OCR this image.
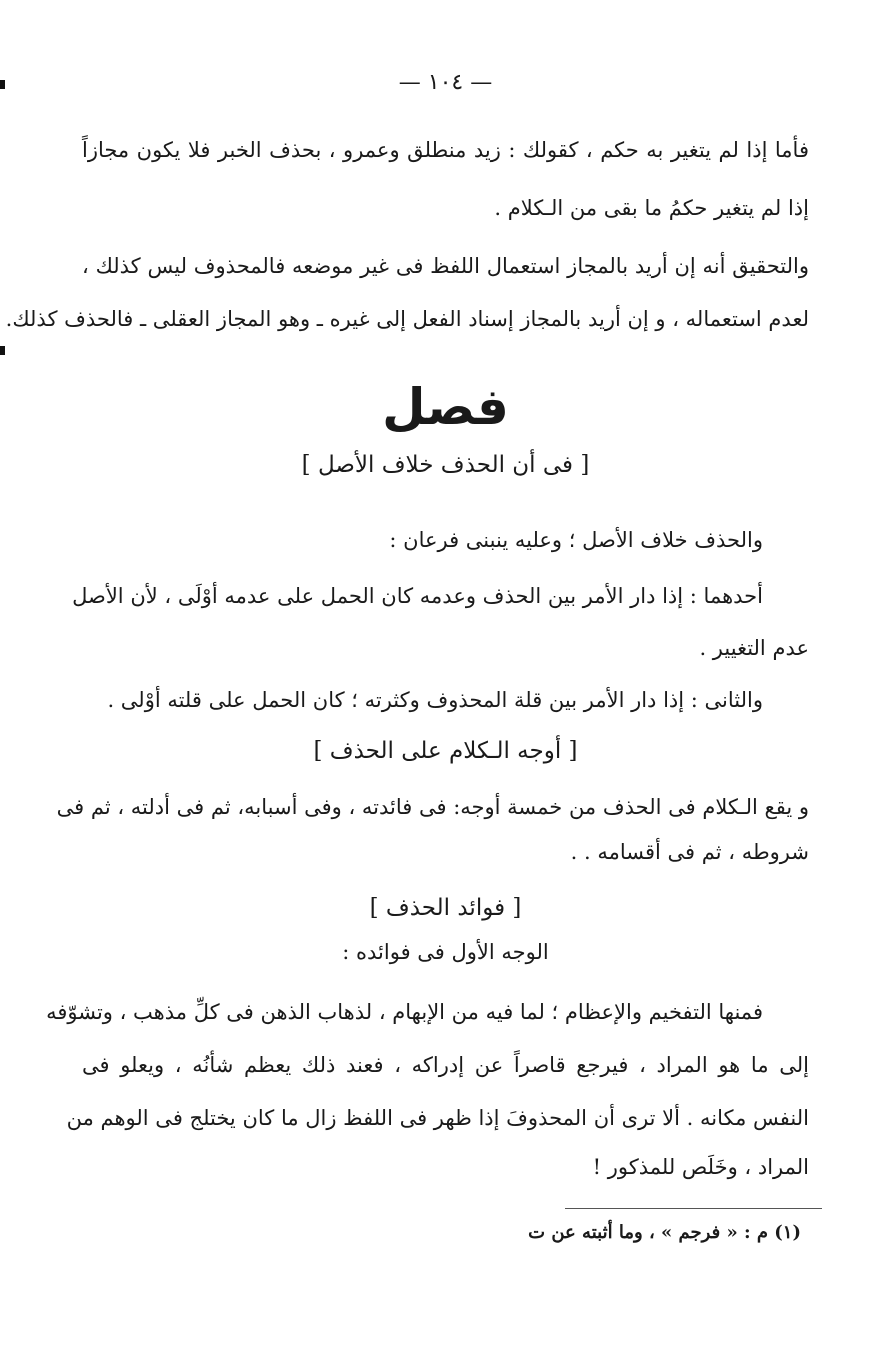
— ١٠٤ —
فأما إذا لم يتغير به حكم ، كقولك : زيد منطلق وعمرو ، بحذف الخبر فلا يكون مجازاً
إذا لم يتغير حكمُ ما بقى من الـكلام .
والتحقيق أنه إن أريد بالمجاز استعمال اللفظ فى غير موضعه فالمحذوف ليس كذلك ،
لعدم استعماله ، و إن أريد بالمجاز إسناد الفعل إلى غيره ـ وهو المجاز العقلى ـ فالحذف كذلك.
فصل
[ فى أن الحذف خلاف الأصل ]
والحذف خلاف الأصل ؛ وعليه ينبنى فرعان :
أحدهما : إذا دار الأمر بين الحذف وعدمه كان الحمل على عدمه أوْلَى ، لأن الأصل
عدم التغيير .
والثانى : إذا دار الأمر بين قلة المحذوف وكثرته ؛ كان الحمل على قلته أوْلى .
[ أوجه الـكلام على الحذف ]
و يقع الـكلام فى الحذف من خمسة أوجه: فى فائدته ، وفى أسبابه، ثم فى أدلته ، ثم فى
شروطه ، ثم فى أقسامه . .
[ فوائد الحذف ]
الوجه الأول فى فوائده :
فمنها التفخيم والإعظام ؛ لما فيه من الإبهام ، لذهاب الذهن فى كلِّ مذهب ، وتشوّفه
إلى ما هو المراد ، فيرجع قاصراً عن إدراكه ، فعند ذلك يعظم شأنُه ، ويعلو فى
النفس مكانه . ألا ترى أن المحذوفَ إذا ظهر فى اللفظ زال ما كان يختلج فى الوهم من
المراد ، وخَلَص للمذكور !
(١) م : « فرجم » ، وما أثبته عن ت
